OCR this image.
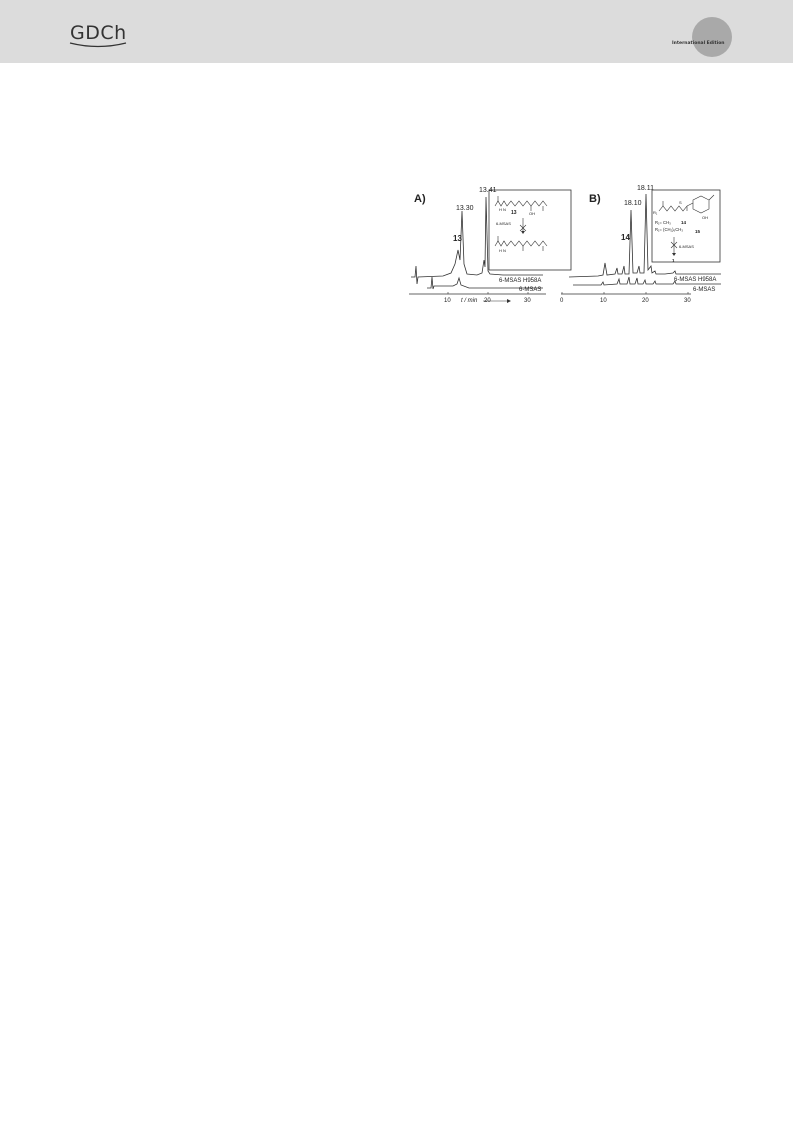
GDCh	International Edition
A)
H N
13	OH
6-MSAS
H N
13.30
13.41
13
6-MSAS H958A
6-MSAS
10	20	30
t / min
B)
R₁
S
OH
R₁= CH₃ 14
R₁= (CH₂)₆CH₃	15
6-MSAS
1
18.10
18.11
14
6-MSAS H958A
6-MSAS
0	10	20	30
